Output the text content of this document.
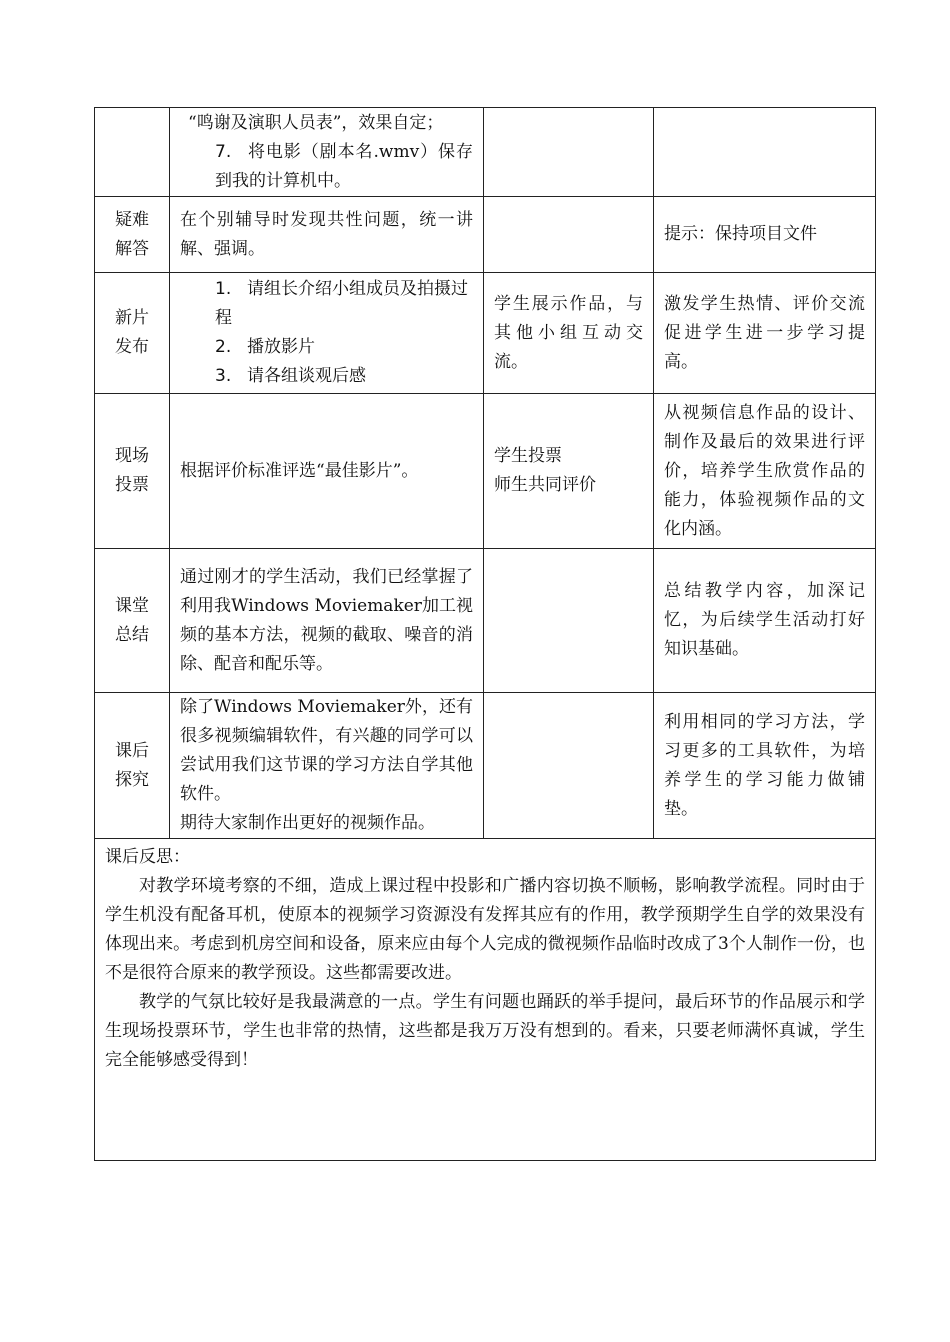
	“鸣谢及演职人员表”，效果自定；
7. 将电影（剧本名.wmv）保存到我的计算机中。		

疑难
解答	在个别辅导时发现共性问题，统一讲解、强调。		提示：保持项目文件

新片
发布	1. 请组长介绍小组成员及拍摄过程
2. 播放影片
3. 请各组谈观后感	学生展示作品，与其他小组互动交流。	激发学生热情、评价交流促进学生进一步学习提高。

现场
投票	根据评价标准评选“最佳影片”。	学生投票
师生共同评价	从视频信息作品的设计、制作及最后的效果进行评价，培养学生欣赏作品的能力，体验视频作品的文化内涵。

课堂
总结	通过刚才的学生活动，我们已经掌握了利用我Windows Moviemaker加工视频的基本方法，视频的截取、噪音的消除、配音和配乐等。		总结教学内容，加深记忆，为后续学生活动打好知识基础。

课后
探究	除了Windows Moviemaker外，还有很多视频编辑软件，有兴趣的同学可以尝试用我们这节课的学习方法自学其他软件。
期待大家制作出更好的视频作品。		利用相同的学习方法，学习更多的工具软件，为培养学生的学习能力做铺垫。

课后反思：
对教学环境考察的不细，造成上课过程中投影和广播内容切换不顺畅，影响教学流程。同时由于学生机没有配备耳机，使原本的视频学习资源没有发挥其应有的作用，教学预期学生自学的效果没有体现出来。考虑到机房空间和设备，原来应由每个人完成的微视频作品临时改成了3个人制作一份，也不是很符合原来的教学预设。这些都需要改进。
教学的气氛比较好是我最满意的一点。学生有问题也踊跃的举手提问，最后环节的作品展示和学生现场投票环节，学生也非常的热情，这些都是我万万没有想到的。看来，只要老师满怀真诚，学生完全能够感受得到！			
